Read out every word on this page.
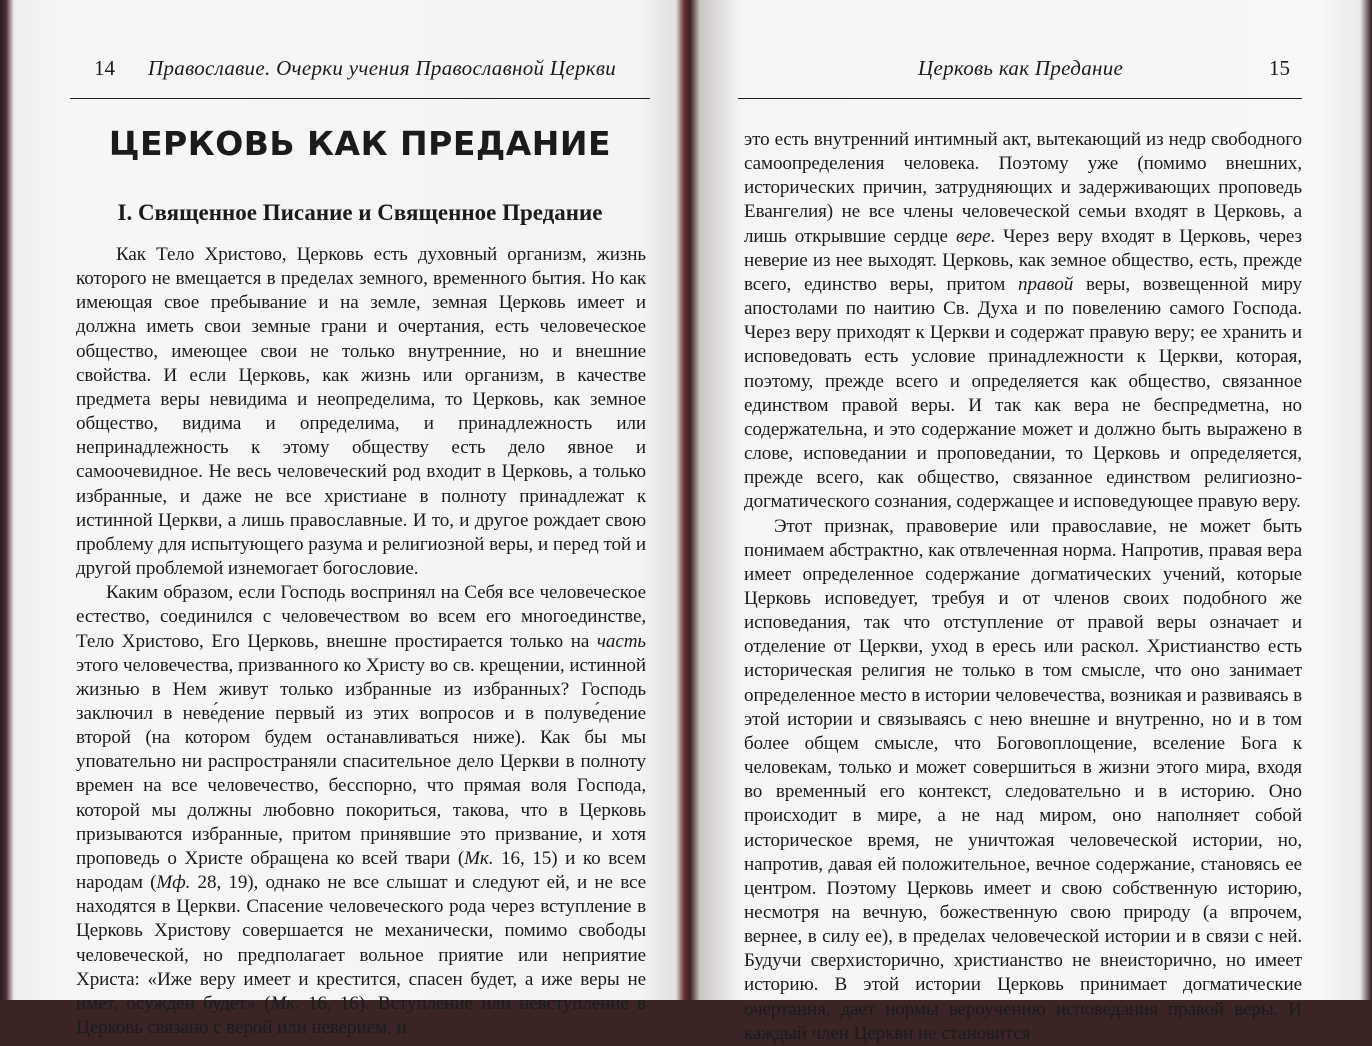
14 Православие. Очерки учения Православной Церкви
ЦЕРКОВЬ КАК ПРЕДАНИЕ
I. Священное Писание и Священное Предание

Как Тело Христово, Церковь есть духовный организм, жизнь которого не вмещается в пределах земного, временного бытия. Но как имеющая свое пребывание и на земле, земная Церковь имеет и должна иметь свои земные грани и очертания, есть человеческое общество, имеющее свои не только внутренние, но и внешние свойства. И если Церковь, как жизнь или организм, в качестве предмета веры невидима и неопределима, то Церковь, как земное общество, видима и определима, и принадлежность или непринадлежность к этому обществу есть дело явное и самоочевидное. Не весь человеческий род входит в Церковь, а только избранные, и даже не все христиане в полноту принадлежат к истинной Церкви, а лишь православные. И то, и другое рождает свою проблему для испытующего разума и религиозной веры, и перед той и другой проблемой изнемогает богословие.

Каким образом, если Господь воспринял на Себя все человеческое естество, соединился с человечеством во всем его многоединстве, Тело Христово, Его Церковь, внешне простирается только на часть этого человечества, призванного ко Христу во св. крещении, истинной жизнью в Нем живут только избранные из избранных? Господь заключил в неве́дение первый из этих вопросов и в полуве́дение второй (на котором будем останавливаться ниже). Как бы мы уповательно ни распространяли спасительное дело Церкви в полноту времен на все человечество, бесспорно, что прямая воля Господа, которой мы должны любовно покориться, такова, что в Церковь призываются избранные, притом принявшие это призвание, и хотя проповедь о Христе обращена ко всей твари (Мк. 16, 15) и ко всем народам (Мф. 28, 19), однако не все слышат и следуют ей, и не все находятся в Церкви. Спасение человеческого рода через вступление в Церковь Христову совершается не механически, помимо свободы человеческой, но предполагает вольное приятие или неприятие Христа: «Иже веру имеет и крестится, спасен будет, а иже веры не имет, осужден будет» (Мк. 16, 16). Вступление или невступление в Церковь связано с верой или неверием, и

Церковь как Предание	15

это есть внутренний интимный акт, вытекающий из недр свободного самоопределения человека. Поэтому уже (помимо внешних, исторических причин, затрудняющих и задерживающих проповедь Евангелия) не все члены человеческой семьи входят в Церковь, а лишь открывшие сердце вере. Через веру входят в Церковь, через неверие из нее выходят. Церковь, как земное общество, есть, прежде всего, единство веры, притом правой веры, возвещенной миру апостолами по наитию Св. Духа и по повелению самого Господа. Через веру приходят к Церкви и содержат правую веру; ее хранить и исповедовать есть условие принадлежности к Церкви, которая, поэтому, прежде всего и определяется как общество, связанное единством правой веры. И так как вера не беспредметна, но содержательна, и это содержание может и должно быть выражено в слове, исповедании и проповедании, то Церковь и определяется, прежде всего, как общество, связанное единством религиозно-догматического сознания, содержащее и исповедующее правую веру.

Этот признак, правоверие или православие, не может быть понимаем абстрактно, как отвлеченная норма. Напротив, правая вера имеет определенное содержание догматических учений, которые Церковь исповедует, требуя и от членов своих подобного же исповедания, так что отступление от правой веры означает и отделение от Церкви, уход в ересь или раскол. Христианство есть историческая религия не только в том смысле, что оно занимает определенное место в истории человечества, возникая и развиваясь в этой истории и связываясь с нею внешне и внутренно, но и в том более общем смысле, что Боговоплощение, вселение Бога к человекам, только и может совершиться в жизни этого мира, входя во временный его контекст, следовательно и в историю. Оно происходит в мире, а не над миром, оно наполняет собой историческое время, не уничтожая человеческой истории, но, напротив, давая ей положительное, вечное содержание, становясь ее центром. Поэтому Церковь имеет и свою собственную историю, несмотря на вечную, божественную свою природу (а впрочем, вернее, в силу ее), в пределах человеческой истории и в связи с ней. Будучи сверхисторично, христианство не внеисторично, но имеет историю. В этой истории Церковь принимает догматические очертания, дает нормы вероучению исповедания правой веры. И каждый член Церкви не становится
